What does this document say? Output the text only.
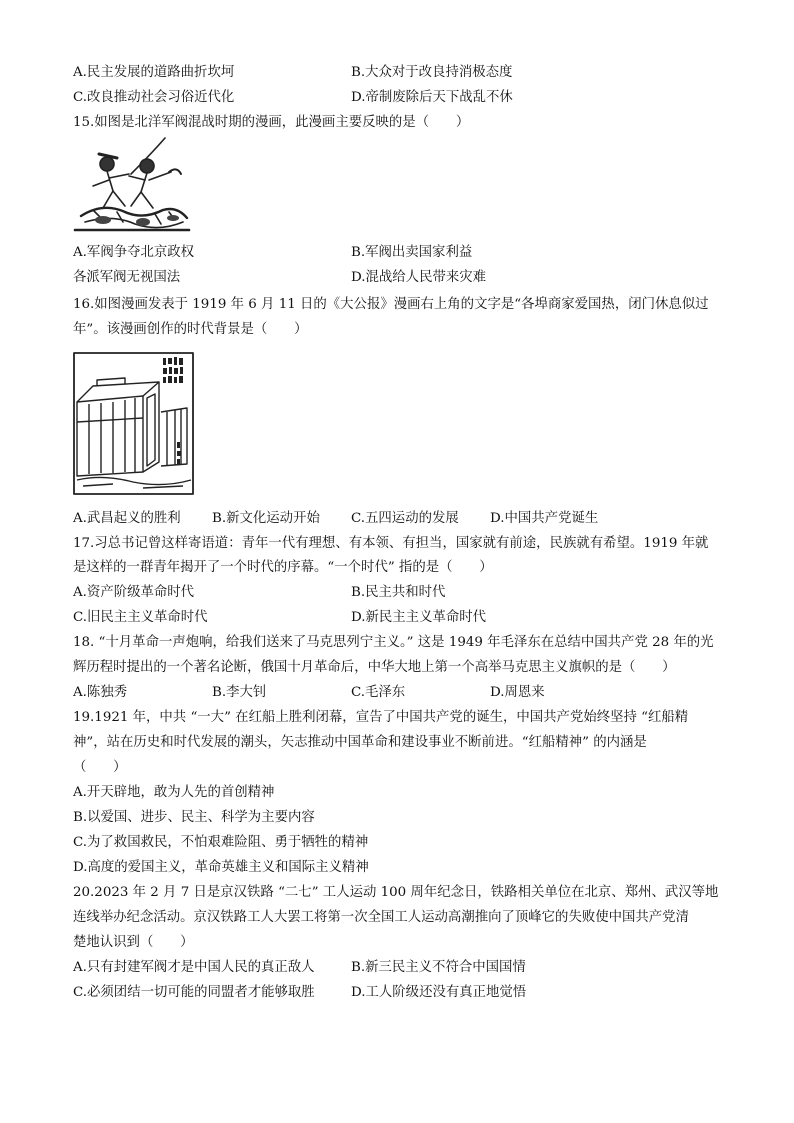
A.民主发展的道路曲折坎坷	B.大众对于改良持消极态度
C.改良推动社会习俗近代化	D.帝制废除后天下战乱不休
15.如图是北洋军阀混战时期的漫画，此漫画主要反映的是（　　）
A.军阀争夺北京政权	B.军阀出卖国家利益
各派军阀无视国法	D.混战给人民带来灾难
16.如图漫画发表于 1919 年 6 月 11 日的《大公报》漫画右上角的文字是“各埠商家爱国热，闭门休息似过
年”。该漫画创作的时代背景是（　　）
A.武昌起义的胜利 B.新文化运动开始 C.五四运动的发展 D.中国共产党诞生
17.习总书记曾这样寄语道：青年一代有理想、有本领、有担当，国家就有前途，民族就有希望。1919 年就
是这样的一群青年揭开了一个时代的序幕。“一个时代” 指的是（　　）
A.资产阶级革命时代	B.民主共和时代
C.旧民主主义革命时代	D.新民主主义革命时代
18. “十月革命一声炮响，给我们送来了马克思列宁主义。” 这是 1949 年毛泽东在总结中国共产党 28 年的光
辉历程时提出的一个著名论断，俄国十月革命后，中华大地上第一个高举马克思主义旗帜的是（　　）
A.陈独秀	B.李大钊	C.毛泽东	D.周恩来
19.1921 年，中共 “一大” 在红船上胜利闭幕，宣告了中国共产党的诞生，中国共产党始终坚持 “红船精
神”，站在历史和时代发展的潮头，矢志推动中国革命和建设事业不断前进。“红船精神” 的内涵是
（　　）
A.开天辟地，敢为人先的首创精神
B.以爱国、进步、民主、科学为主要内容
C.为了救国救民，不怕艰难险阻、勇于牺牲的精神
D.高度的爱国主义，革命英雄主义和国际主义精神
20.2023 年 2 月 7 日是京汉铁路 “二七” 工人运动 100 周年纪念日，铁路相关单位在北京、郑州、武汉等地
连线举办纪念活动。京汉铁路工人大罢工将第一次全国工人运动高潮推向了顶峰它的失败使中国共产党清
楚地认识到（　　）
A.只有封建军阀才是中国人民的真正敌人	B.新三民主义不符合中国国情
C.必须团结一切可能的同盟者才能够取胜	D.工人阶级还没有真正地觉悟
